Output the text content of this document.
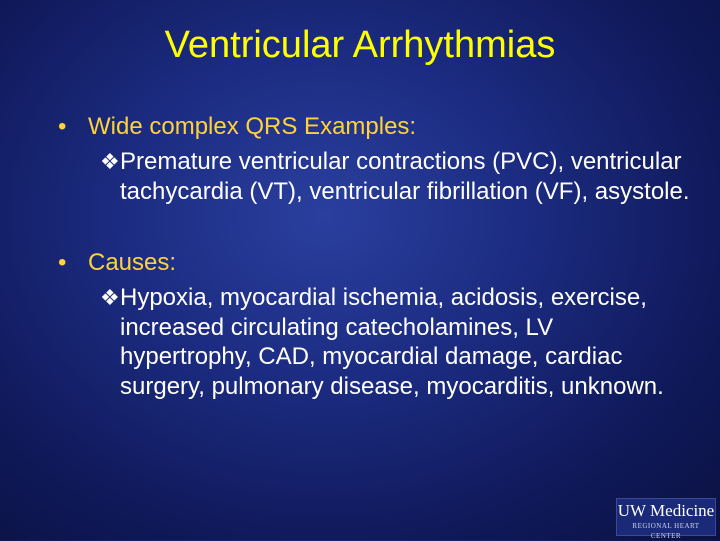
Ventricular Arrhythmias
• Wide complex QRS Examples:
❖Premature ventricular contractions (PVC), ventricular tachycardia (VT), ventricular fibrillation (VF), asystole.
• Causes:
❖Hypoxia, myocardial ischemia, acidosis, exercise, increased circulating catecholamines, LV hypertrophy, CAD, myocardial damage, cardiac surgery, pulmonary disease, myocarditis, unknown.
UW Medicine
REGIONAL HEART CENTER
